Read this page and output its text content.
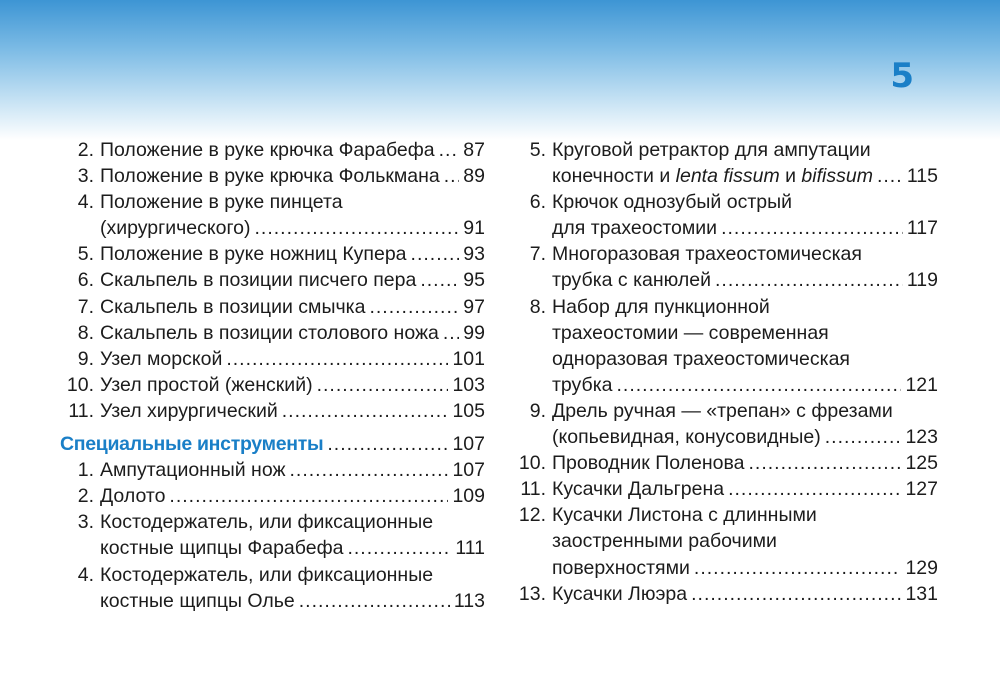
5
2. Положение в руке крючка Фарабефа ..... 87
3. Положение в руке крючка Фолькмана ..... 89
4. Положение в руке пинцета
(хирургического) .....	91
5. Положение в руке ножниц Купера .....	93
6. Скальпель в позиции писчего пера ..... 95
7. Скальпель в позиции смычка .....	97
8. Скальпель в позиции столового ножа ..... 99
9. Узел морской .....	101
10. Узел простой (женский) .....	103
11. Узел хирургический .....	105
Специальные инструменты .....	107
1. Ампутационный нож .....	107
2. Долото .....	109
3. Костодержатель, или фиксационные
костные щипцы Фарабефа .....	111
4. Костодержатель, или фиксационные
костные щипцы Олье .....	113
5. Круговой ретрактор для ампутации
конечности и lenta fissum и bifissum ..... 115
6. Крючок однозубый острый
для трахеостомии .....	117
7. Многоразовая трахеостомическая
трубка с канюлей .....	119
8. Набор для пункционной
трахеостомии — современная
одноразовая трахеостомическая
трубка .....	121
9. Дрель ручная — «трепан» с фрезами
(копьевидная, конусовидные) .....	123
10. Проводник Поленова .....	125
11. Кусачки Дальгрена .....	127
12. Кусачки Листона с длинными
заостренными рабочими
поверхностями .....	129
13. Кусачки Люэра .....	131
